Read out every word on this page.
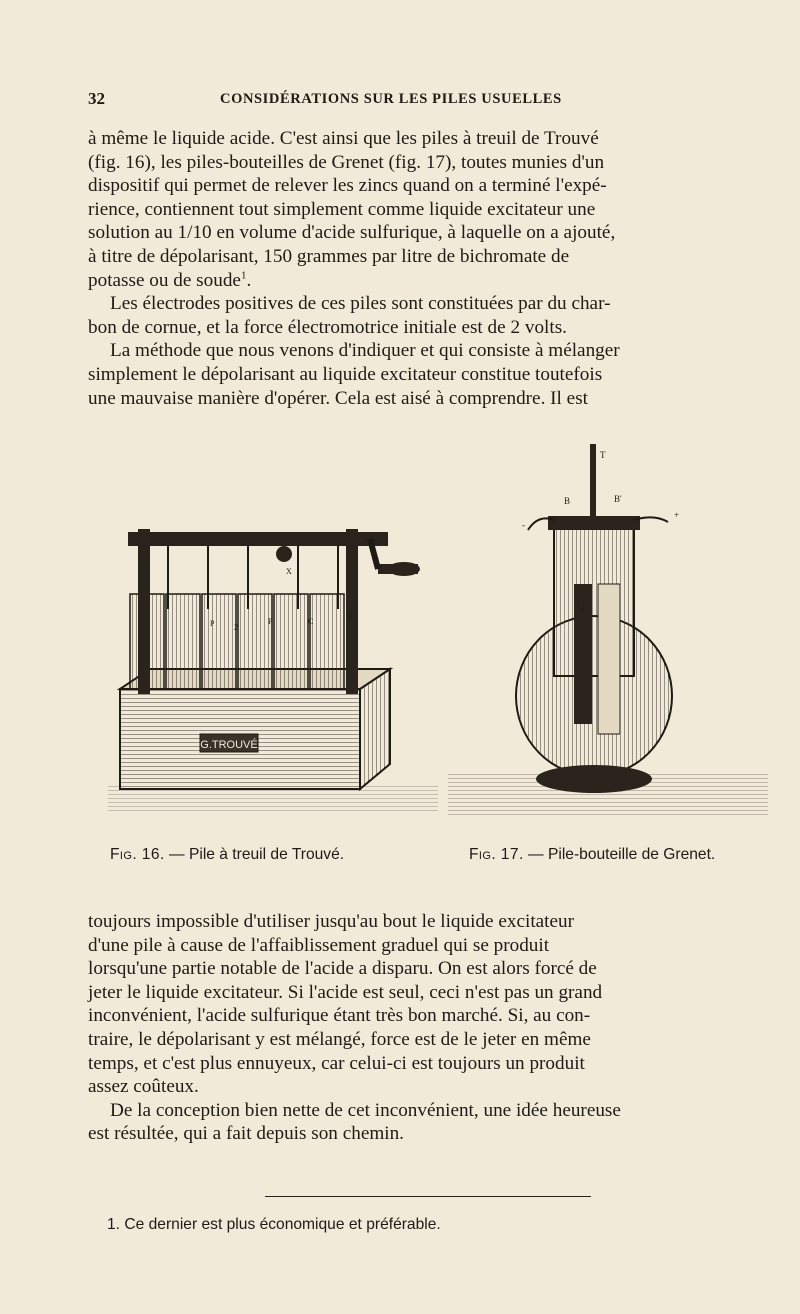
32	CONSIDÉRATIONS SUR LES PILES USUELLES
à même le liquide acide. C'est ainsi que les piles à treuil de Trouvé
(fig. 16), les piles-bouteilles de Grenet (fig. 17), toutes munies d'un
dispositif qui permet de relever les zincs quand on a terminé l'expé-
rience, contiennent tout simplement comme liquide excitateur une
solution au 1/10 en volume d'acide sulfurique, à laquelle on a ajouté,
à titre de dépolarisant, 150 grammes par litre de bichromate de
potasse ou de soude$^1$.
Les électrodes positives de ces piles sont constituées par du char-
bon de cornue, et la force électromotrice initiale est de 2 volts.
La méthode que nous venons d'indiquer et qui consiste à mélanger
simplement le dépolarisant au liquide excitateur constitue toutefois
une mauvaise manière d'opérer. Cela est aisé à comprendre. Il est
G.TROUVÉ
P Z
P	C	P
X
T
B	B'
+
-
C
Fig. 16. — Pile à treuil de Trouvé.	Fig. 17. — Pile-bouteille de Grenet.
toujours impossible d'utiliser jusqu'au bout le liquide excitateur
d'une pile à cause de l'affaiblissement graduel qui se produit
lorsqu'une partie notable de l'acide a disparu. On est alors forcé de
jeter le liquide excitateur. Si l'acide est seul, ceci n'est pas un grand
inconvénient, l'acide sulfurique étant très bon marché. Si, au con-
traire, le dépolarisant y est mélangé, force est de le jeter en même
temps, et c'est plus ennuyeux, car celui-ci est toujours un produit
assez coûteux.
De la conception bien nette de cet inconvénient, une idée heureuse
est résultée, qui a fait depuis son chemin.
1. Ce dernier est plus économique et préférable.
